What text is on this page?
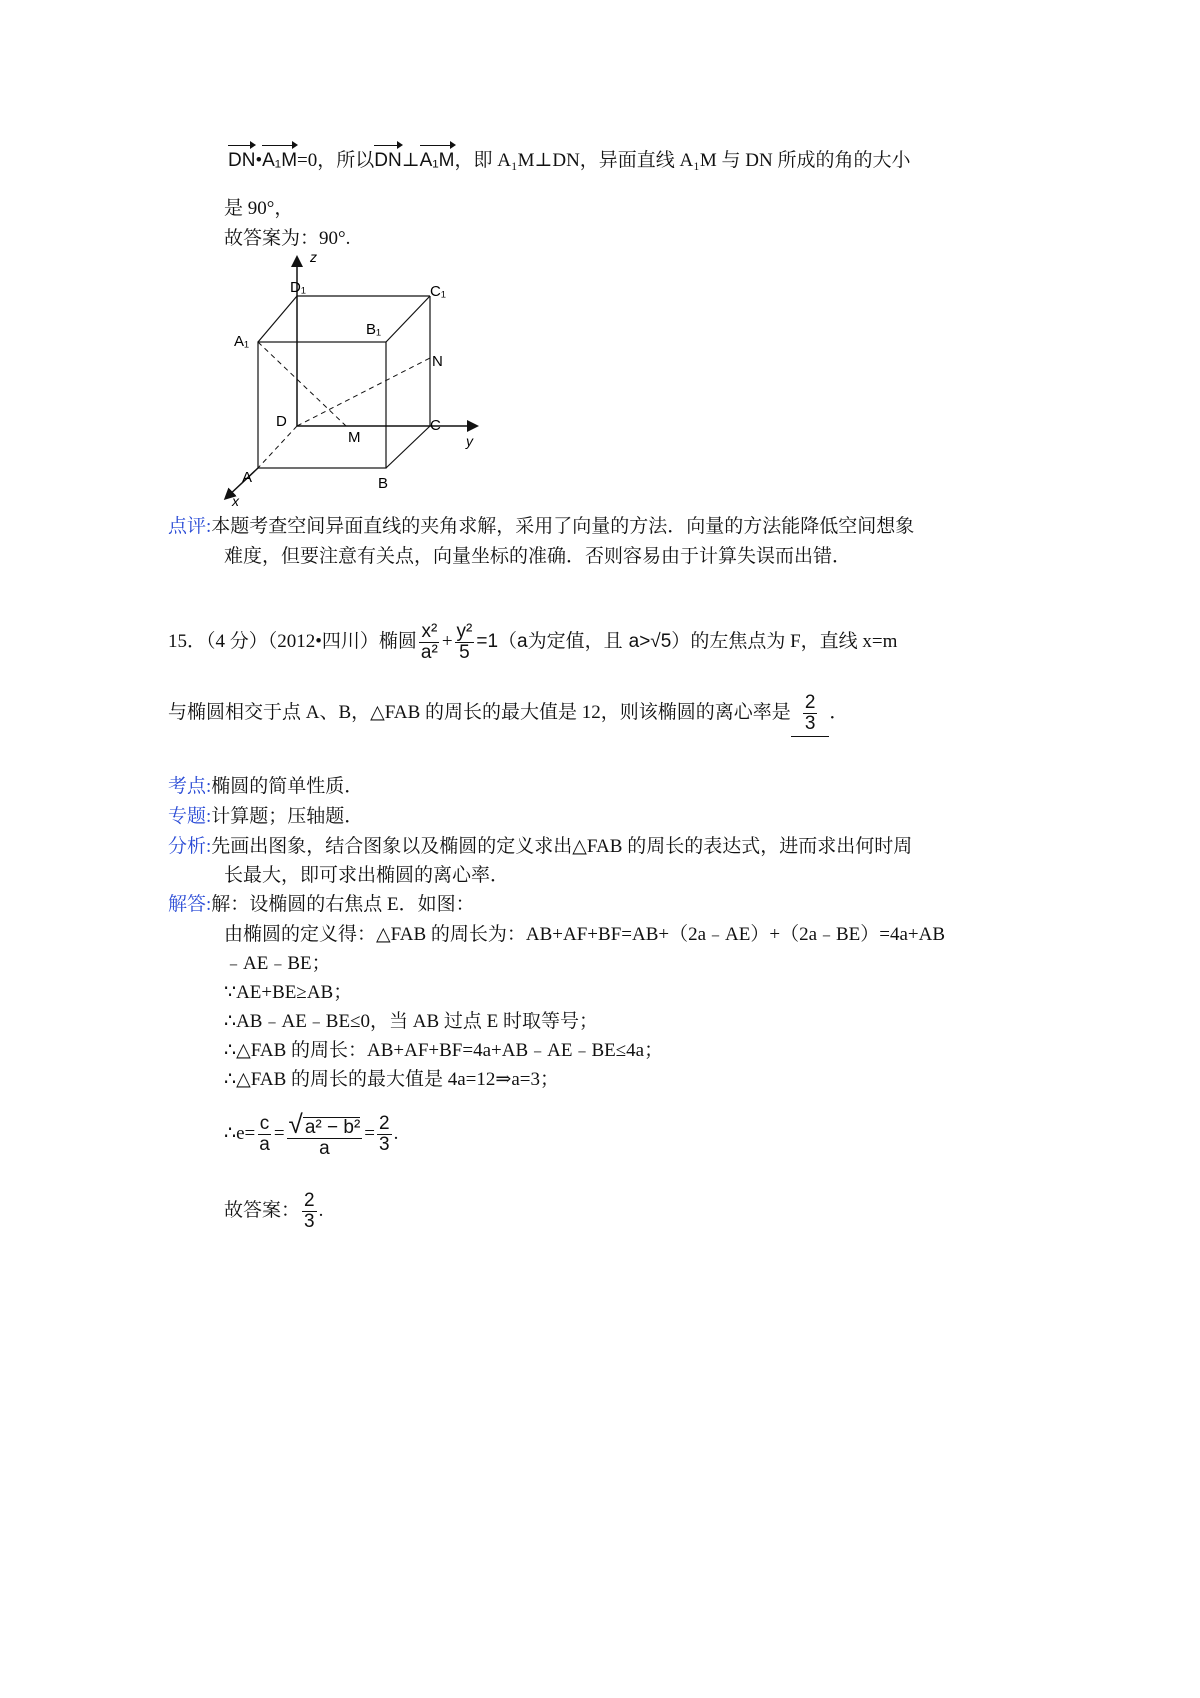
DN•A₁M=0，所以DN⊥A₁M，即 A₁M⊥DN，异面直线 A₁M 与 DN 所成的角的大小
是 90°，
故答案为：90°.
z
y
x
D₁	C₁
A₁
B₁
N
D
M
C
A	B
点评:本题考查空间异面直线的夹角求解，采用了向量的方法．向量的方法能降低空间想象
难度，但要注意有关点，向量坐标的准确．否则容易由于计算失误而出错．
15．（4 分）（2012•四川）椭圆 $\frac{\text{x²}}{\text{a²}} + \frac{\text{y²}}{5} =1(a$为定值，且 a>√5）的左焦点为 F，直线 x=m
与椭圆相交于点 A、B，△FAB 的周长的最大值是 12，则该椭圆的离心率是 $\frac{2}{3}$ ．
考点:椭圆的简单性质．
专题:计算题；压轴题．
分析:先画出图象，结合图象以及椭圆的定义求出△FAB 的周长的表达式，进而求出何时周
长最大，即可求出椭圆的离心率．
解答:解：设椭圆的右焦点 E．如图：
由椭圆的定义得：△FAB 的周长为：AB+AF+BF=AB+（2a﹣AE）+（2a﹣BE）=4a+AB
﹣AE﹣BE；
∵AE+BE≥AB；
∴AB﹣AE﹣BE≤0，当 AB 过点 E 时取等号；
∴△FAB 的周长：AB+AF+BF=4a+AB﹣AE﹣BE≤4a；
∴△FAB 的周长的最大值是 4a=12⇒a=3；
∴e= $\frac{c}{a} = \frac{\text{√ a² − b²}}{a} = \frac{2}{3}$ .
故答案： $\frac{2}{3}$ .
